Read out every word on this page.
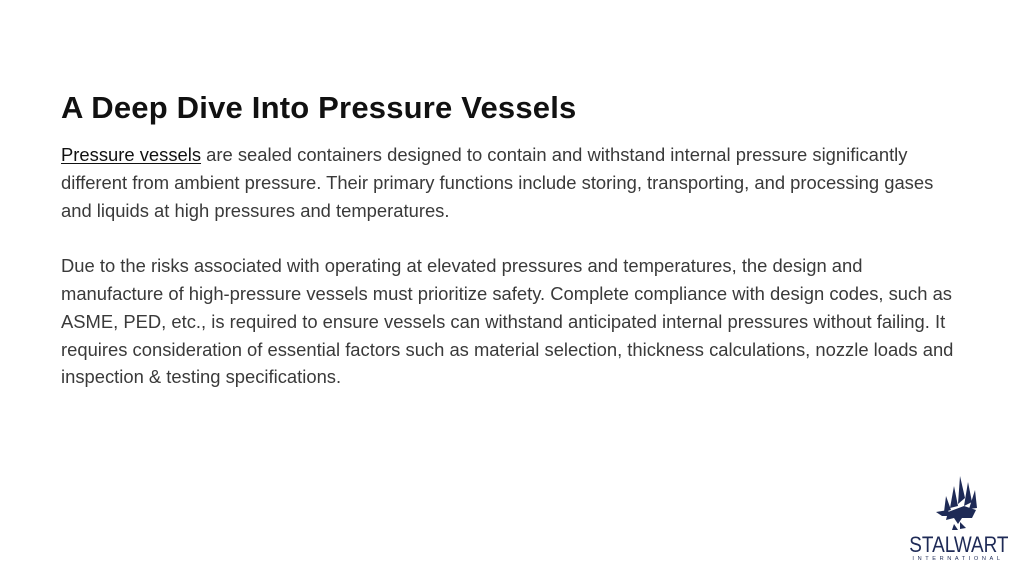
A Deep Dive Into Pressure Vessels

Pressure vessels are sealed containers designed to contain and withstand internal pressure significantly different from ambient pressure. Their primary functions include storing, transporting, and processing gases and liquids at high pressures and temperatures.

Due to the risks associated with operating at elevated pressures and temperatures, the design and manufacture of high-pressure vessels must prioritize safety. Complete compliance with design codes, such as ASME, PED, etc., is required to ensure vessels can withstand anticipated internal pressures without failing. It requires consideration of essential factors such as material selection, thickness calculations, nozzle loads and inspection & testing specifications.

STALWART
INTERNATIONAL
